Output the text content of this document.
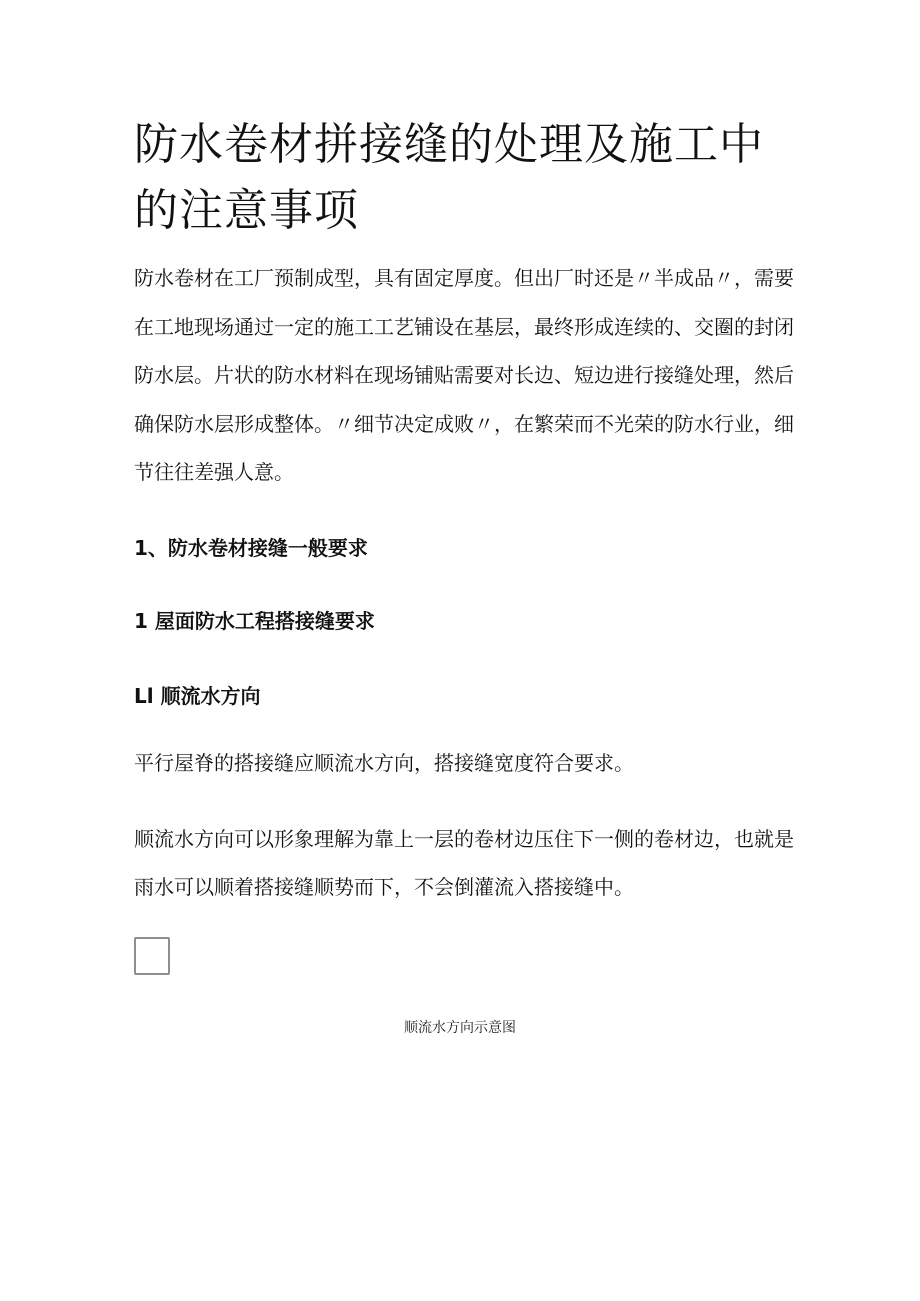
防水卷材拼接缝的处理及施工中的注意事项

防水卷材在工厂预制成型，具有固定厚度。但出厂时还是〃半成品〃，需要在工地现场通过一定的施工工艺铺设在基层，最终形成连续的、交圈的封闭防水层。片状的防水材料在现场铺贴需要对长边、短边进行接缝处理，然后确保防水层形成整体。〃细节决定成败〃，在繁荣而不光荣的防水行业，细节往往差强人意。

1、防水卷材接缝一般要求
1 屋面防水工程搭接缝要求
Ll 顺流水方向

平行屋脊的搭接缝应顺流水方向，搭接缝宽度符合要求。

顺流水方向可以形象理解为靠上一层的卷材边压住下一侧的卷材边，也就是雨水可以顺着搭接缝顺势而下，不会倒灌流入搭接缝中。

顺流水方向示意图
